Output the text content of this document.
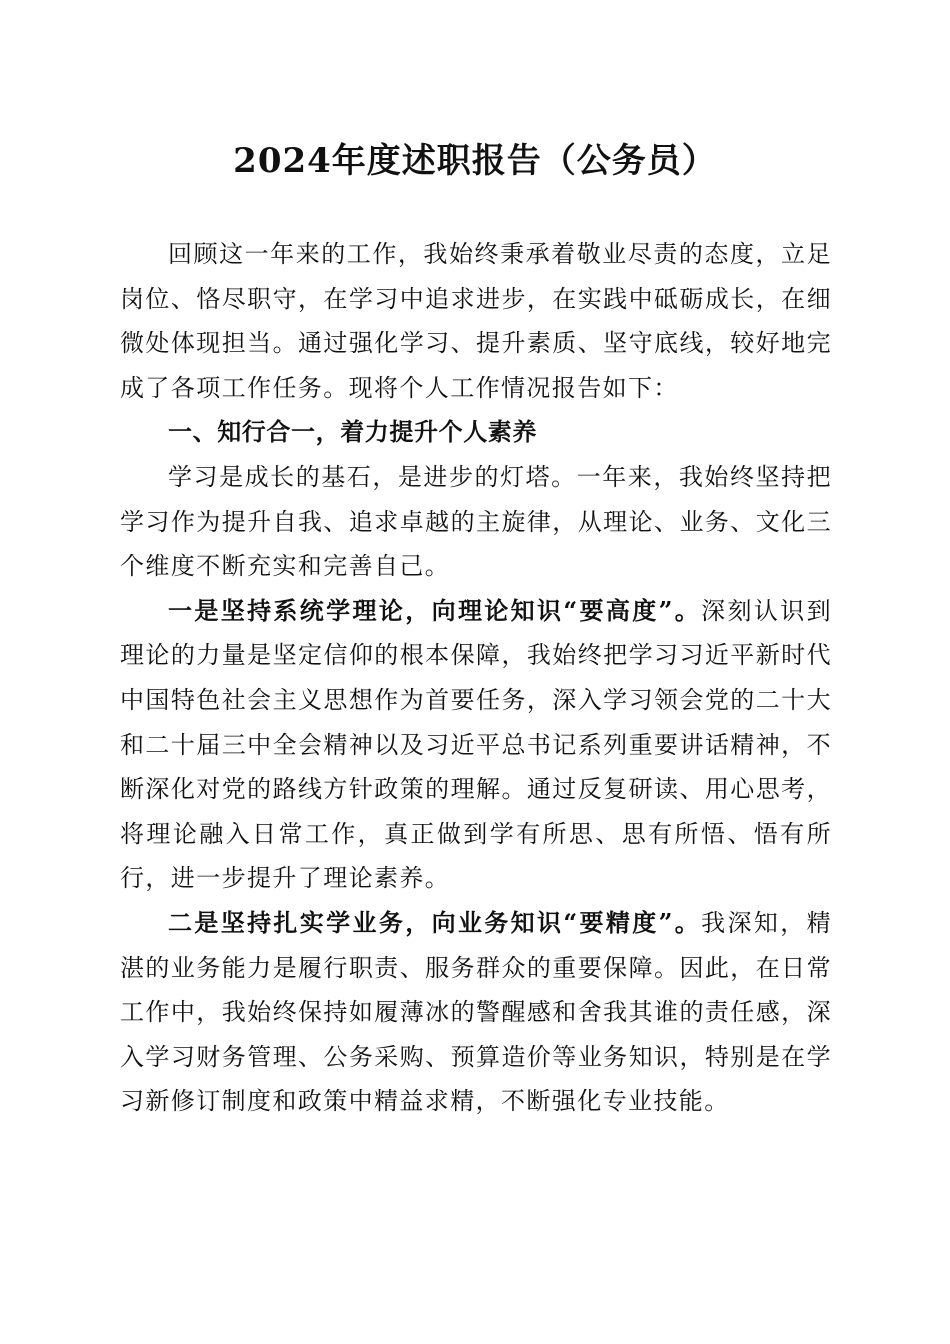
2024年度述职报告（公务员）

回顾这一年来的工作，我始终秉承着敬业尽责的态度，立足岗位、恪尽职守，在学习中追求进步，在实践中砥砺成长，在细微处体现担当。通过强化学习、提升素质、坚守底线，较好地完成了各项工作任务。现将个人工作情况报告如下：

一、知行合一，着力提升个人素养

学习是成长的基石，是进步的灯塔。一年来，我始终坚持把学习作为提升自我、追求卓越的主旋律，从理论、业务、文化三个维度不断充实和完善自己。

一是坚持系统学理论，向理论知识“要高度”。深刻认识到理论的力量是坚定信仰的根本保障，我始终把学习习近平新时代中国特色社会主义思想作为首要任务，深入学习领会党的二十大和二十届三中全会精神以及习近平总书记系列重要讲话精神，不断深化对党的路线方针政策的理解。通过反复研读、用心思考，将理论融入日常工作，真正做到学有所思、思有所悟、悟有所行，进一步提升了理论素养。

二是坚持扎实学业务，向业务知识“要精度”。我深知，精湛的业务能力是履行职责、服务群众的重要保障。因此，在日常工作中，我始终保持如履薄冰的警醒感和舍我其谁的责任感，深入学习财务管理、公务采购、预算造价等业务知识，特别是在学习新修订制度和政策中精益求精，不断强化专业技能。
